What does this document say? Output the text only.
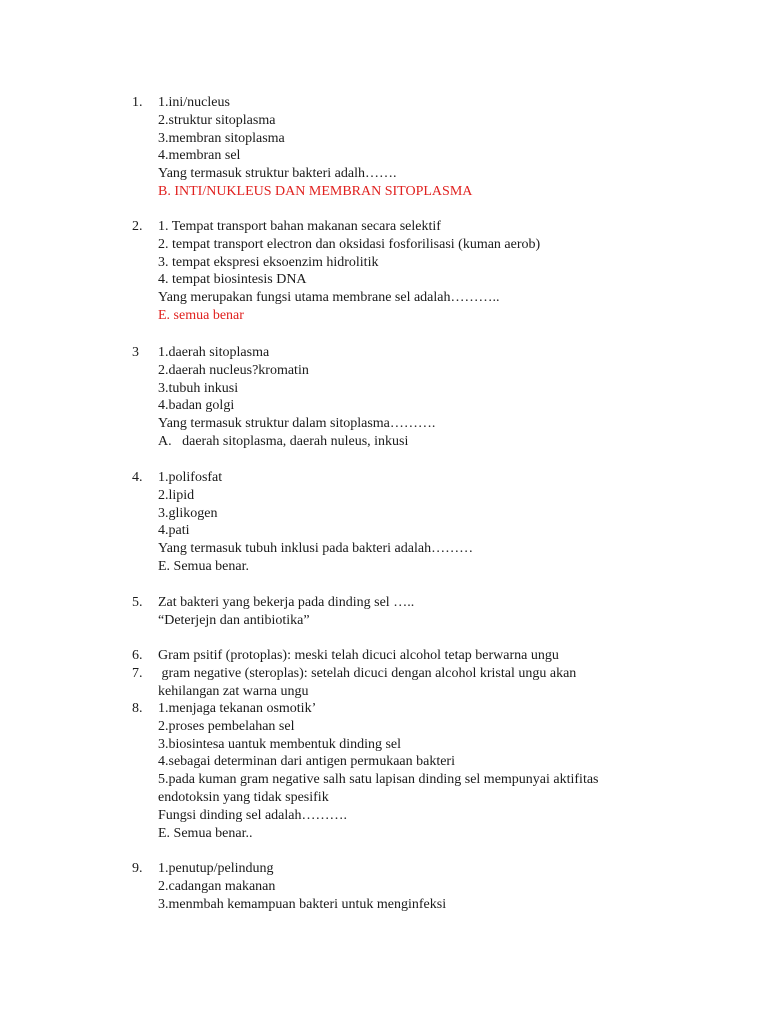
1. 1.ini/nucleus
2.struktur sitoplasma
3.membran sitoplasma
4.membran sel
Yang termasuk struktur bakteri adalh…….
B. INTI/NUKLEUS DAN MEMBRAN SITOPLASMA
2. 1. Tempat transport bahan makanan secara selektif
2. tempat transport electron dan oksidasi fosforilisasi (kuman aerob)
3. tempat ekspresi eksoenzim hidrolitik
4. tempat biosintesis DNA
Yang merupakan fungsi utama membrane sel adalah………..
E. semua benar
3 1.daerah sitoplasma
2.daerah nucleus?kromatin
3.tubuh inkusi
4.badan golgi
Yang termasuk struktur dalam sitoplasma……….
A.   daerah sitoplasma, daerah nuleus, inkusi
4. 1.polifosfat
2.lipid
3.glikogen
4.pati
Yang termasuk tubuh inklusi pada bakteri adalah………
E. Semua benar.
5. Zat bakteri yang bekerja pada dinding sel …..
“Deterjejn dan antibiotika”
6. Gram psitif (protoplas): meski telah dicuci alcohol tetap berwarna ungu
7. gram negative (steroplas): setelah dicuci dengan alcohol kristal ungu akan
kehilangan zat warna ungu
8. 1.menjaga tekanan osmotik’
2.proses pembelahan sel
3.biosintesa uantuk membentuk dinding sel
4.sebagai determinan dari antigen permukaan bakteri
5.pada kuman gram negative salh satu lapisan dinding sel mempunyai aktifitas
endotoksin yang tidak spesifik
Fungsi dinding sel adalah……….
E. Semua benar..
9. 1.penutup/pelindung
2.cadangan makanan
3.menmbah kemampuan bakteri untuk menginfeksi
